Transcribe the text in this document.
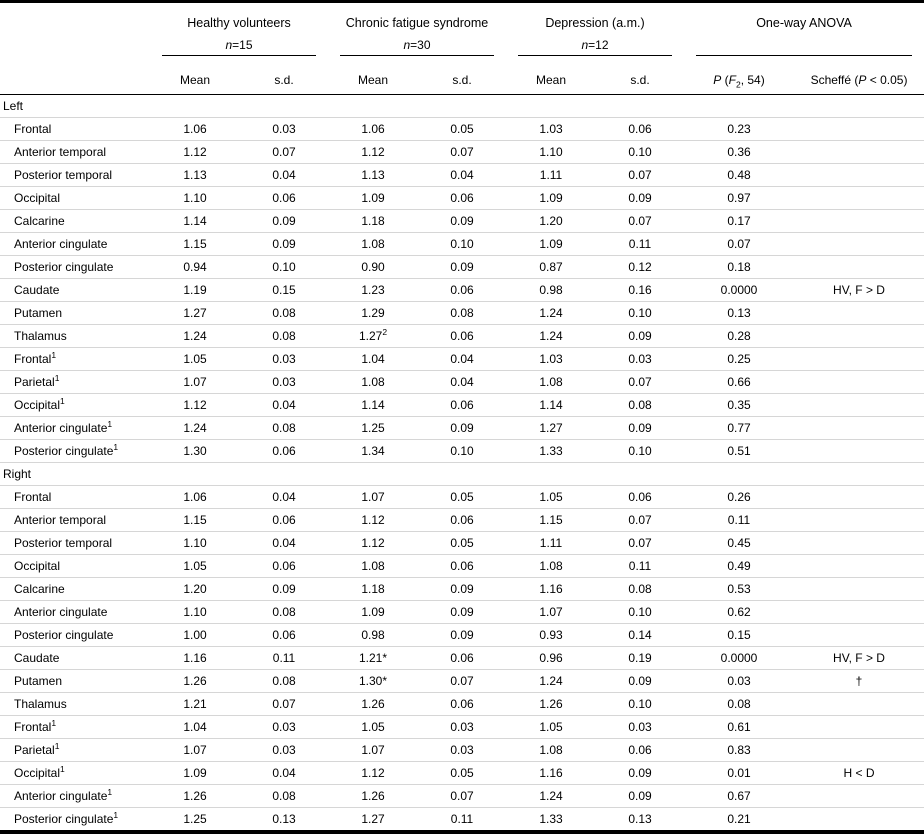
	Healthy volunteers		Chronic fatigue syndrome		Depression (a.m.)		One-way ANOVA	

	n=15		n=30		n=12			

	Mean	s.d.	Mean	s.d.	Mean	s.d.	P ($F_2$, 54)	Scheffé (P < 0.05)
Left								
Frontal	1.06	0.03	1.06	0.05	1.03	0.06	0.23	
Anterior temporal	1.12	0.07	1.12	0.07	1.10	0.10	0.36	
Posterior temporal	1.13	0.04	1.13	0.04	1.11	0.07	0.48	
Occipital	1.10	0.06	1.09	0.06	1.09	0.09	0.97	
Calcarine	1.14	0.09	1.18	0.09	1.20	0.07	0.17	
Anterior cingulate	1.15	0.09	1.08	0.10	1.09	0.11	0.07	
Posterior cingulate	0.94	0.10	0.90	0.09	0.87	0.12	0.18	
Caudate	1.19	0.15	1.23	0.06	0.98	0.16	0.0000	HV, F > D
Putamen	1.27	0.08	1.29	0.08	1.24	0.10	0.13	
Thalamus	1.24	0.08	1.27$^2$	0.06	1.24	0.09	0.28	
Frontal$^1$	1.05	0.03	1.04	0.04	1.03	0.03	0.25	
Parietal$^1$	1.07	0.03	1.08	0.04	1.08	0.07	0.66	
Occipital$^1$	1.12	0.04	1.14	0.06	1.14	0.08	0.35	
Anterior cingulate$^1$	1.24	0.08	1.25	0.09	1.27	0.09	0.77	
Posterior cingulate$^1$	1.30	0.06	1.34	0.10	1.33	0.10	0.51	
Right								
Frontal	1.06	0.04	1.07	0.05	1.05	0.06	0.26	
Anterior temporal	1.15	0.06	1.12	0.06	1.15	0.07	0.11	
Posterior temporal	1.10	0.04	1.12	0.05	1.11	0.07	0.45	
Occipital	1.05	0.06	1.08	0.06	1.08	0.11	0.49	
Calcarine	1.20	0.09	1.18	0.09	1.16	0.08	0.53	
Anterior cingulate	1.10	0.08	1.09	0.09	1.07	0.10	0.62	
Posterior cingulate	1.00	0.06	0.98	0.09	0.93	0.14	0.15	
Caudate	1.16	0.11	1.21*	0.06	0.96	0.19	0.0000	HV, F > D
Putamen	1.26	0.08	1.30*	0.07	1.24	0.09	0.03	†
Thalamus	1.21	0.07	1.26	0.06	1.26	0.10	0.08	
Frontal$^1$	1.04	0.03	1.05	0.03	1.05	0.03	0.61	
Parietal$^1$	1.07	0.03	1.07	0.03	1.08	0.06	0.83	
Occipital$^1$	1.09	0.04	1.12	0.05	1.16	0.09	0.01	H < D
Anterior cingulate$^1$	1.26	0.08	1.26	0.07	1.24	0.09	0.67	
Posterior cingulate$^1$	1.25	0.13	1.27	0.11	1.33	0.13	0.21	
